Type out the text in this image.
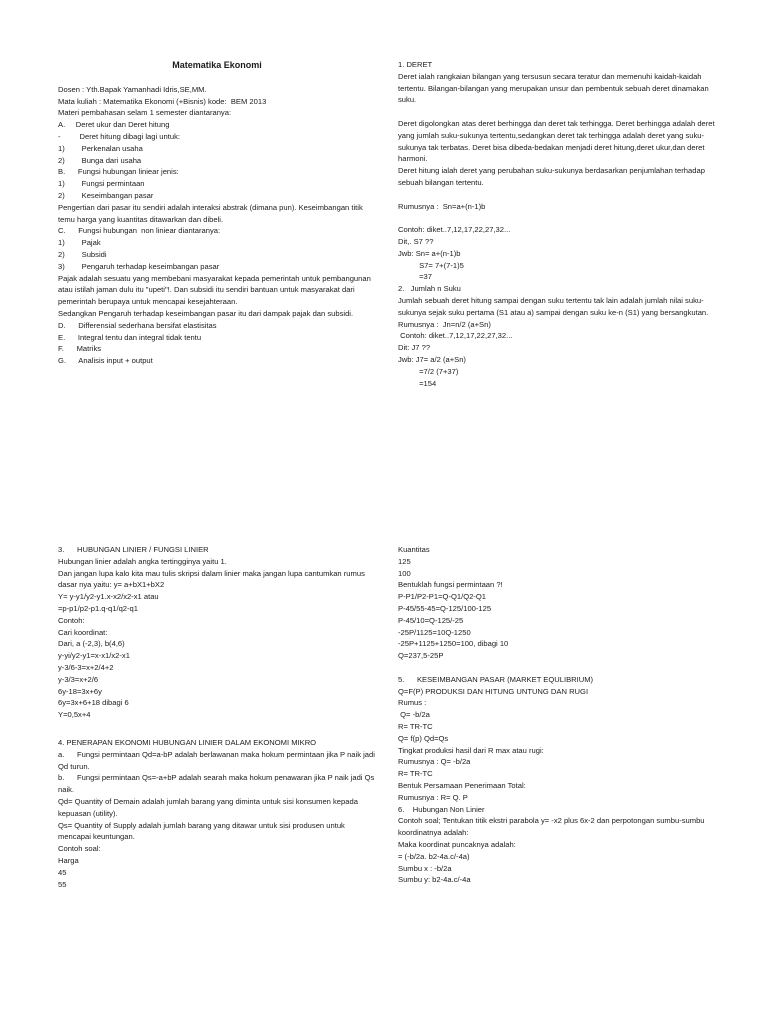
Matematika Ekonomi

Dosen : Yth.Bapak Yamanhadi Idris,SE,MM.

Mata kuliah : Matematika Ekonomi (+Bisnis) kode:  BEM 2013

Materi pembahasan selam 1 semester diantaranya:

A.     Deret ukur dan Deret hitung

-         Deret hitung dibagi lagi untuk:

1)        Perkenalan usaha

2)        Bunga dari usaha

B.      Fungsi hubungan liniear jenis:

1)        Fungsi permintaan

2)        Keseimbangan pasar

Pengertian dari pasar itu sendiri adalah interaksi abstrak (dimana pun). Keseimbangan titik temu harga yang kuantitas ditawarkan dan dibeli.

C.      Fungsi hubungan  non liniear diantaranya:

1)        Pajak

2)        Subsidi

3)        Pengaruh terhadap keseimbangan pasar

Pajak adalah sesuatu yang membebani masyarakat kepada pemerintah untuk pembangunan atau istilah jaman dulu itu "upeti"!. Dan subsidi itu sendiri bantuan untuk masyarakat dari pemerintah berupaya untuk mencapai kesejahteraan.

Sedangkan Pengaruh terhadap keseimbangan pasar itu dari dampak pajak dan subsidi.

D.      Differensial sederhana bersifat elastisitas

E.      Integral tentu dan integral tidak tentu

F.      Matriks

G.      Analisis input + output

1. DERET

Deret ialah rangkaian bilangan yang tersusun secara teratur dan memenuhi kaidah-kaidah tertentu. Bilangan-bilangan yang merupakan unsur dan pembentuk sebuah deret dinamakan suku.

Deret digolongkan atas deret berhingga dan deret tak terhingga. Deret berhingga adalah deret yang jumlah suku-sukunya tertentu,sedangkan deret tak terhingga adalah deret yang suku-sukunya tak terbatas. Deret bisa dibeda-bedakan menjadi deret hitung,deret ukur,dan deret harmoni.

Deret hitung ialah deret yang perubahan suku-sukunya berdasarkan penjumlahan terhadap sebuah bilangan tertentu.

Rumusnya :  Sn=a+(n-1)b

Contoh: diket..7,12,17,22,27,32...

Dit,. S7 ??

Jwb: Sn= a+(n-1)b

S7= 7+(7-1)5

=37

2.   Jumlah n Suku

Jumlah sebuah deret hitung sampai dengan suku tertentu tak lain adalah jumlah nilai suku-sukunya sejak suku pertama (S1 atau a) sampai dengan suku ke-n (S1) yang bersangkutan.

Rumusnya :  Jn=n/2 (a+Sn)

Contoh: diket..7,12,17,22,27,32...

Dit: J7 ??

Jwb: J7= a/2 (a+Sn)

=7/2 (7+37)

=154

3.      HUBUNGAN LINIER / FUNGSI LINIER

Hubungan linier adalah angka tertingginya yaitu 1.

Dan jangan lupa kalo kita mau tulis skripsi dalam linier maka jangan lupa cantumkan rumus dasar nya yaitu: y= a+bX1+bX2

Y= y-y1/y2-y1.x-x2/x2-x1 atau

=p-p1/p2-p1.q-q1/q2-q1

Contoh:

Cari koordinat:

Dari, a (-2,3), b(4,6)

y-yi/y2-y1=x-x1/x2-x1

y-3/6-3=x+2/4+2

y-3/3=x+2/6

6y-18=3x+6y

6y=3x+6+18 dibagi 6

Y=0,5x+4

4. PENERAPAN EKONOMI HUBUNGAN LINIER DALAM EKONOMI MIKRO

a.      Fungsi permintaan Qd=a-bP adalah berlawanan maka hokum permintaan jika P naik jadi Qd turun.

b.      Fungsi permintaan Qs=-a+bP adalah searah maka hokum penawaran jika P naik jadi Qs naik.

Qd= Quantity of Demain adalah jumlah barang yang diminta untuk sisi konsumen kepada kepuasan (utility).

Qs= Quantity of Supply adalah jumlah barang yang ditawar untuk sisi produsen untuk mencapai keuntungan.

Contoh soal:

Harga

45

55

Kuantitas

125

100

Bentuklah fungsi permintaan ?!

P-P1/P2-P1=Q-Q1/Q2-Q1

P-45/55-45=Q-125/100-125

P-45/10=Q-125/-25

-25P/1125=10Q-1250

-25P+1125+1250=100, dibagi 10

Q=237,5-25P

5.      KESEIMBANGAN PASAR (MARKET EQULIBRIUM)

Q=F(P) PRODUKSI DAN HITUNG UNTUNG DAN RUGI

Rumus :

Q= -b/2a

R= TR-TC

Q= f(p) Qd=Qs

Tingkat produksi hasil dari R max atau rugi:

Rumusnya : Q= -b/2a

R= TR-TC

Bentuk Persamaan Penerimaan Total:

Rumusnya : R= Q. P

6.    Hubungan Non Linier

Contoh soal; Tentukan titik ekstri parabola y= -x2 plus 6x-2 dan perpotongan sumbu-sumbu koordinatnya adalah:

Maka koordinat puncaknya adalah:

= (-b/2a. b2-4a.c/-4a)

Sumbu x : -b/2a

Sumbu y: b2-4a.c/-4a
